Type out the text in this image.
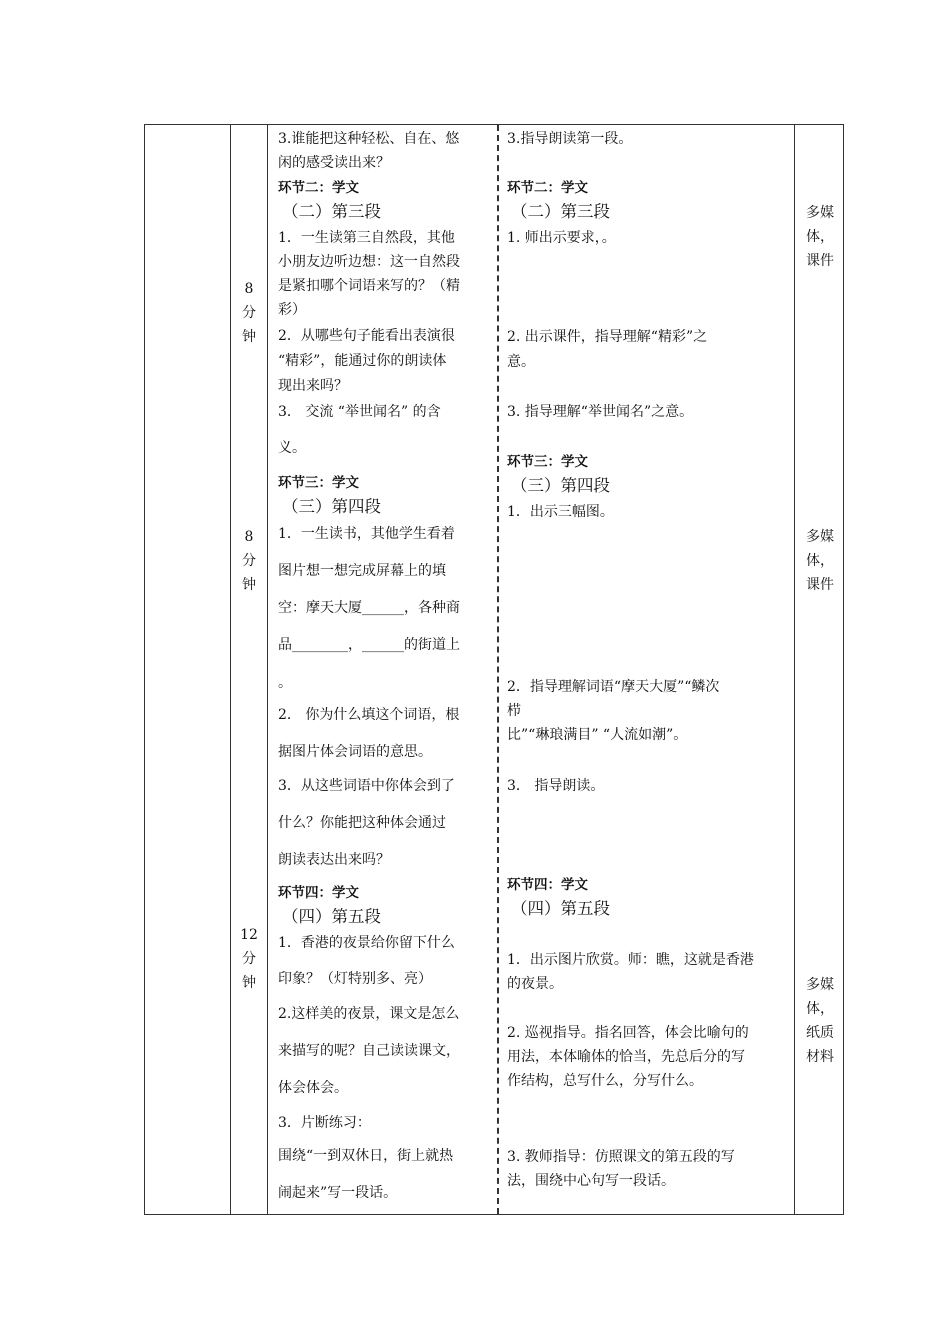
8
分
钟
8
分
钟
12
分
钟
3.谁能把这种轻松、自在、悠
闲的感受读出来？
环节二：学文
（二）第三段
1．一生读第三自然段，其他
小朋友边听边想：这一自然段
是紧扣哪个词语来写的？（精
彩）
2．从哪些句子能看出表演很
“精彩”，能通过你的朗读体
现出来吗？
3． 交流 “举世闻名” 的含
义。
环节三：学文
（三）第四段
1．一生读书，其他学生看着
图片想一想完成屏幕上的填
空：摩天大厦______，各种商
品________，______的街道上
。
2． 你为什么填这个词语，根
据图片体会词语的意思。
3．从这些词语中你体会到了
什么？你能把这种体会通过
朗读表达出来吗？
环节四：学文
（四）第五段
1．香港的夜景给你留下什么
印象？（灯特别多、亮）
2.这样美的夜景，课文是怎么
来描写的呢？自己读读课文，
体会体会。
3．片断练习：
围绕“一到双休日，街上就热
闹起来”写一段话。
3.指导朗读第一段。
环节二：学文
（二）第三段
1. 师出示要求，。
2. 出示课件，指导理解“精彩”之
意。
3. 指导理解“举世闻名”之意。
环节三：学文
（三）第四段
1．出示三幅图。
2．指导理解词语“摩天大厦”“鳞次
栉
比”“琳琅满目” “人流如潮”。
3． 指导朗读。
环节四：学文
（四）第五段
1．出示图片欣赏。师：瞧，这就是香港
的夜景。
2. 巡视指导。指名回答，体会比喻句的
用法，本体喻体的恰当，先总后分的写
作结构，总写什么，分写什么。
3. 教师指导：仿照课文的第五段的写
法，围绕中心句写一段话。
多媒
体，
课件
多媒
体，
课件
多媒
体，
纸质
材料
